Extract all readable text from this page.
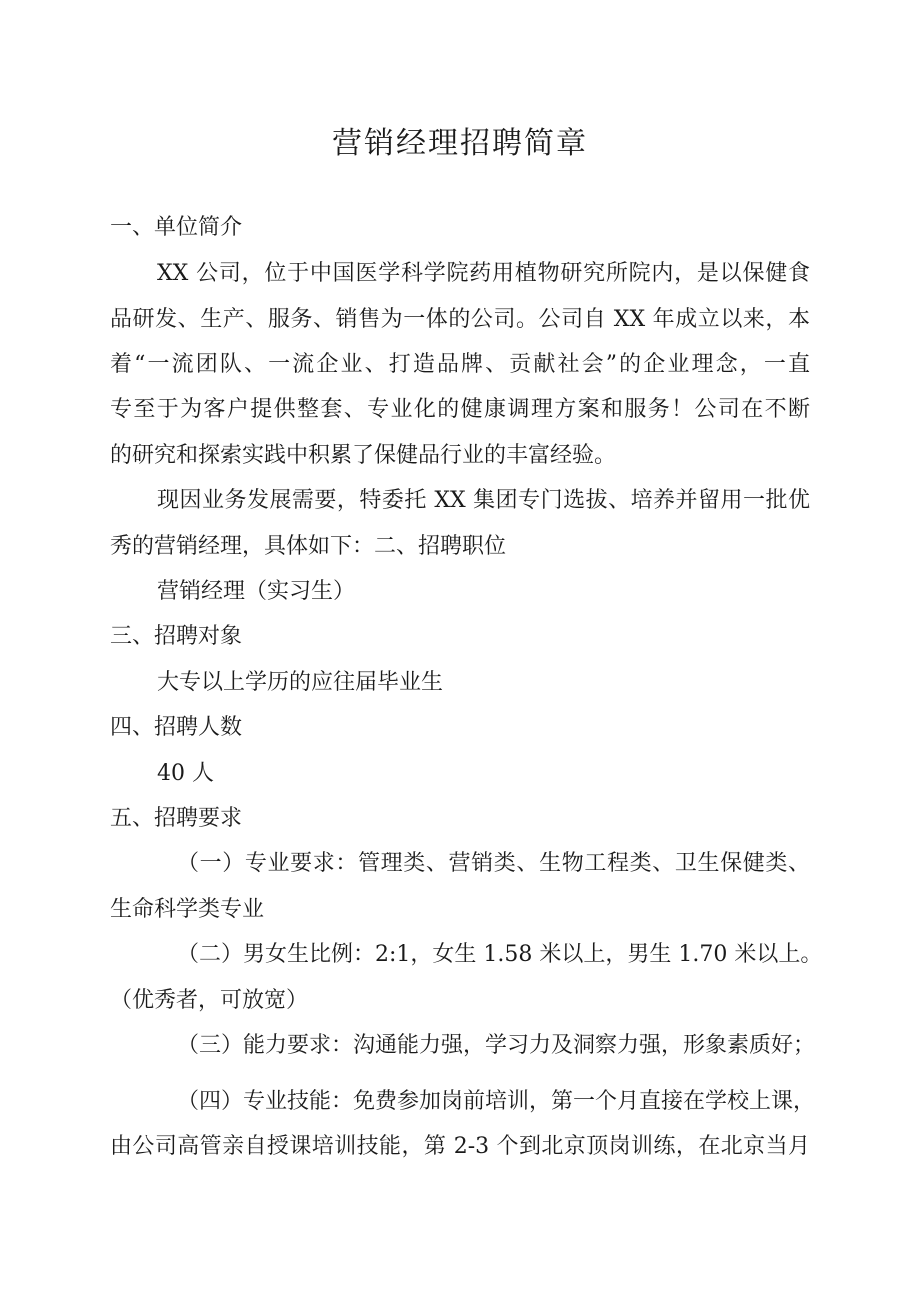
营销经理招聘简章
一、单位简介
XX 公司，位于中国医学科学院药用植物研究所院内，是以保健食
品研发、生产、服务、销售为一体的公司。公司自 XX 年成立以来，本
着“一流团队、一流企业、打造品牌、贡献社会”的企业理念，一直
专至于为客户提供整套、专业化的健康调理方案和服务！公司在不断
的研究和探索实践中积累了保健品行业的丰富经验。
现因业务发展需要，特委托 XX 集团专门选拔、培养并留用一批优
秀的营销经理，具体如下：二、招聘职位
营销经理（实习生）
三、招聘对象
大专以上学历的应往届毕业生
四、招聘人数
40 人
五、招聘要求
（一）专业要求：管理类、营销类、生物工程类、卫生保健类、
生命科学类专业
（二）男女生比例：2:1，女生 1.58 米以上，男生 1.70 米以上。
（优秀者，可放宽）
（三）能力要求：沟通能力强，学习力及洞察力强，形象素质好；
（四）专业技能：免费参加岗前培训，第一个月直接在学校上课，
由公司高管亲自授课培训技能，第 2-3 个到北京顶岗训练，在北京当月
